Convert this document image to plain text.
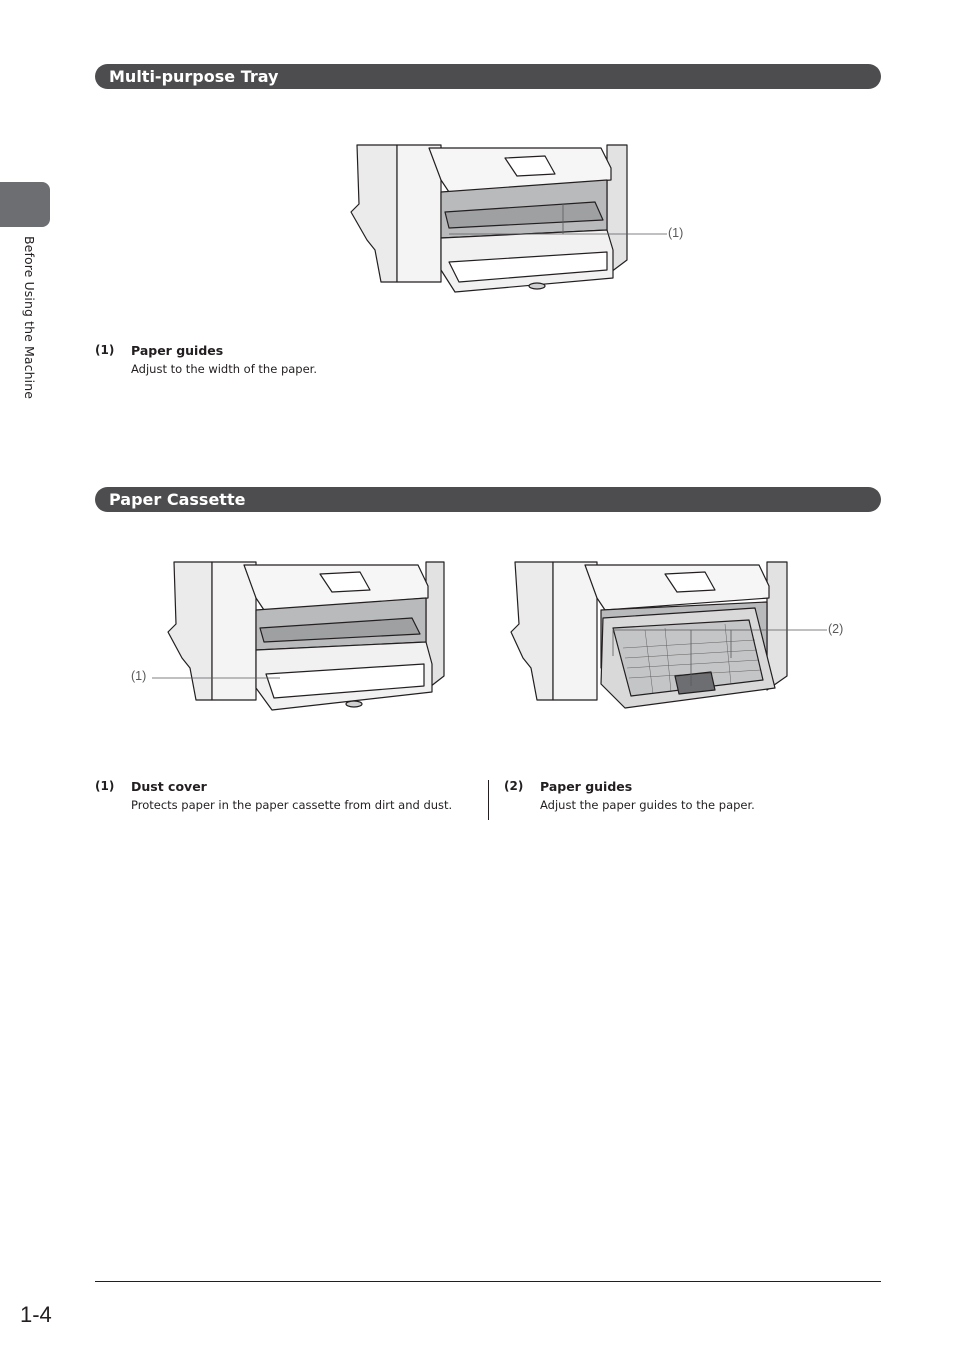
Before Using the Machine
Multi-purpose Tray
(1)
(1) Paper guides
Adjust to the width of the paper.
Paper Cassette
(1)
(2)
(1) Dust cover
Protects paper in the paper cassette from dirt and dust.
(2) Paper guides
Adjust the paper guides to the paper.
1-4
